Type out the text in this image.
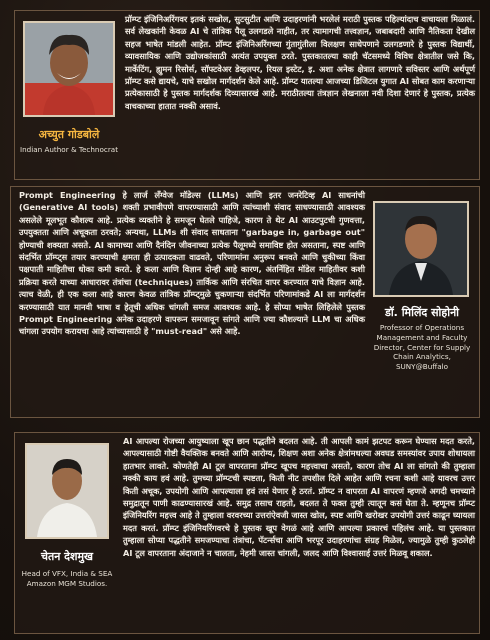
अच्युत गोडबोले
Indian Author & Technocrat
प्रॉम्प्ट इंजिनिअरिंगवर इतकं सखोल, सुटसुटीत आणि उदाहरणांनी भरलेलं मराठी पुस्तक पहिल्यांदाच वाचायला मिळालं. सर्व लेखकांनी केवळ AI चे तांत्रिक पैलू उलगडले नाहीत, तर त्यामागची तत्त्वज्ञान, जबाबदारी आणि नैतिकता देखील सहज भाषेत मांडली आहेत. प्रॉम्प्ट इंजिनिअरिंगच्या गुंतागुंतीला विलक्षण साधेपणाने उलगडणारे हे पुस्तक विद्यार्थी, व्यावसायिक आणि उद्योजकांसाठी अत्यंत उपयुक्त ठरते. पुस्तकातल्या काही चॅटसमध्ये विविध क्षेत्रातील जसे कि, मार्केटिंग, ह्युमन रिसोर्स, सॉफ्टवेअर डेव्हलपर, रियल इस्टेट, इ. अशा अनेक क्षेत्रात लागणारे सविस्तर आणि अर्थपूर्ण प्रॉम्प्ट कसे द्यायचे, याचे सखोल मार्गदर्शन केले आहे. प्रॉम्प्ट यातल्या आजच्या डिजिटल युगात AI सोबत काम करणाऱ्या प्रत्येकासाठी हे पुस्तक मार्गदर्शक दिव्यासारखं आहे. मराठीतल्या तंत्रज्ञान लेखनाला नवी दिशा देणारं हे पुस्तक, प्रत्येक वाचकाच्या हातात नक्की असावं.
Prompt Engineering हे लार्ज लँग्वेज मॉडेल्स (LLMs) आणि इतर जनरेटिव्ह AI साधनांची (Generative AI tools) शक्ती प्रभावीपणे वापरण्यासाठी आणि त्यांच्याशी संवाद साधण्यासाठी आवश्यक असलेले मूलभूत कौशल्य आहे. प्रत्येक व्यक्तीने हे समजून घेतले पाहिजे, कारण ते थेट AI आउटपुटची गुणवत्ता, उपयुक्तता आणि अचूकता ठरवते; अन्यथा, LLMs शी संवाद साधताना "garbage in, garbage out" होण्याची शक्यता असते. AI कामाच्या आणि दैनंदिन जीवनाच्या प्रत्येक पैलूमध्ये समाविष्ट होत असताना, स्पष्ट आणि संदर्भित प्रॉम्प्ट्स तयार करण्याची क्षमता ही उत्पादकता वाढवते, परिणामांना अनुरूप बनवते आणि चुकीच्या किंवा पक्षपाती माहितीचा धोका कमी करते. हे कला आणि विज्ञान दोन्ही आहे कारण, अंतर्निहित मॉडेल माहितीवर कशी प्रक्रिया करते याच्या आधारावर तंत्रांचा (techniques) तार्किक आणि संरचित वापर करण्यात याचे विज्ञान आहे. त्याच वेळी, ही एक कला आहे कारण केवळ तांत्रिक प्रॉम्प्ट्मुळे चुकणाऱ्या संदर्भित परिणामांकडे AI ला मार्गदर्शन करण्यासाठी यात मानवी भाषा व हेतूची अधिक चांगली समज आवश्यक आहे. हे सोप्या भाषेत लिहिलेले पुस्तक Prompt Engineering अनेक उदाहरणे वापरून समजावून सांगते आणि ज्या कौशल्याने LLM चा अधिक चांगला उपयोग करायचा आहे त्यांच्यासाठी हे "must-read" असे आहे.
डॉ. मिलिंद सोहोनी
Professor of Operations Management and Faculty Director, Center for Supply Chain Analytics, SUNY@Buffalo
चेतन देशमुख
Head of VFX, India & SEA Amazon MGM Studios.
AI आपल्या रोजच्या आयुष्याला खूप छान पद्धतीने बदलत आहे. ती आपली कामं झटपट करून घेण्यास मदत करते, आपल्यासाठी गोष्टी वैयक्तिक बनवते आणि आरोग्य, शिक्षण अशा अनेक क्षेत्रांमधल्या अवघड समस्यांवर उपाय शोधायला हातभार लावते. कोणतेही AI टूल वापरताना प्रॉम्प्ट खूपच महत्त्वाचा असतो, कारण तोच AI ला सांगतो की तुम्हाला नक्की काय हवं आहे. तुमच्या प्रॉम्प्टची स्पष्टता, किती नीट तपशील दिले आहेत आणि रचना कशी आहे यावरच उत्तर किती अचूक, उपयोगी आणि आपल्याला हवं तसं येणार हे ठरतं. प्रॉम्प्ट न वापरता AI वापरणं म्हणजे अगदी चमच्याने समुद्रातून पाणी काढण्यासारखं आहे. समुद्र तसाच राहतो, बदलत ते फक्त तुम्ही त्यातून कसं घेता ते. म्हणूनच प्रॉम्प्ट इंजिनियरिंग महत्त्व आहे ते तुम्हाला वरवरच्या उत्तरांऐवजी जास्त खोल, स्पष्ट आणि खरोखर उपयोगी उत्तरं काढून घ्यायला मदत करतं. प्रॉम्प्ट इंजिनियरिंगवरचे हे पुस्तक खूप वेगळं आहे आणि आपल्या प्रकारचं पहिलंच आहे. या पुस्तकात तुम्हाला सोप्या पद्धतीने समजण्याचा तंत्रांचा, पॅटर्न्सचा आणि भरपूर उदाहरणांचा संग्रह मिळेल, ज्यामुळे तुम्ही कुठलेही AI टूल वापरताना अंदाजाने न चालता, नेहमी जास्त चांगली, जलद आणि विश्वासार्ह उत्तरं मिळवू शकाल.
